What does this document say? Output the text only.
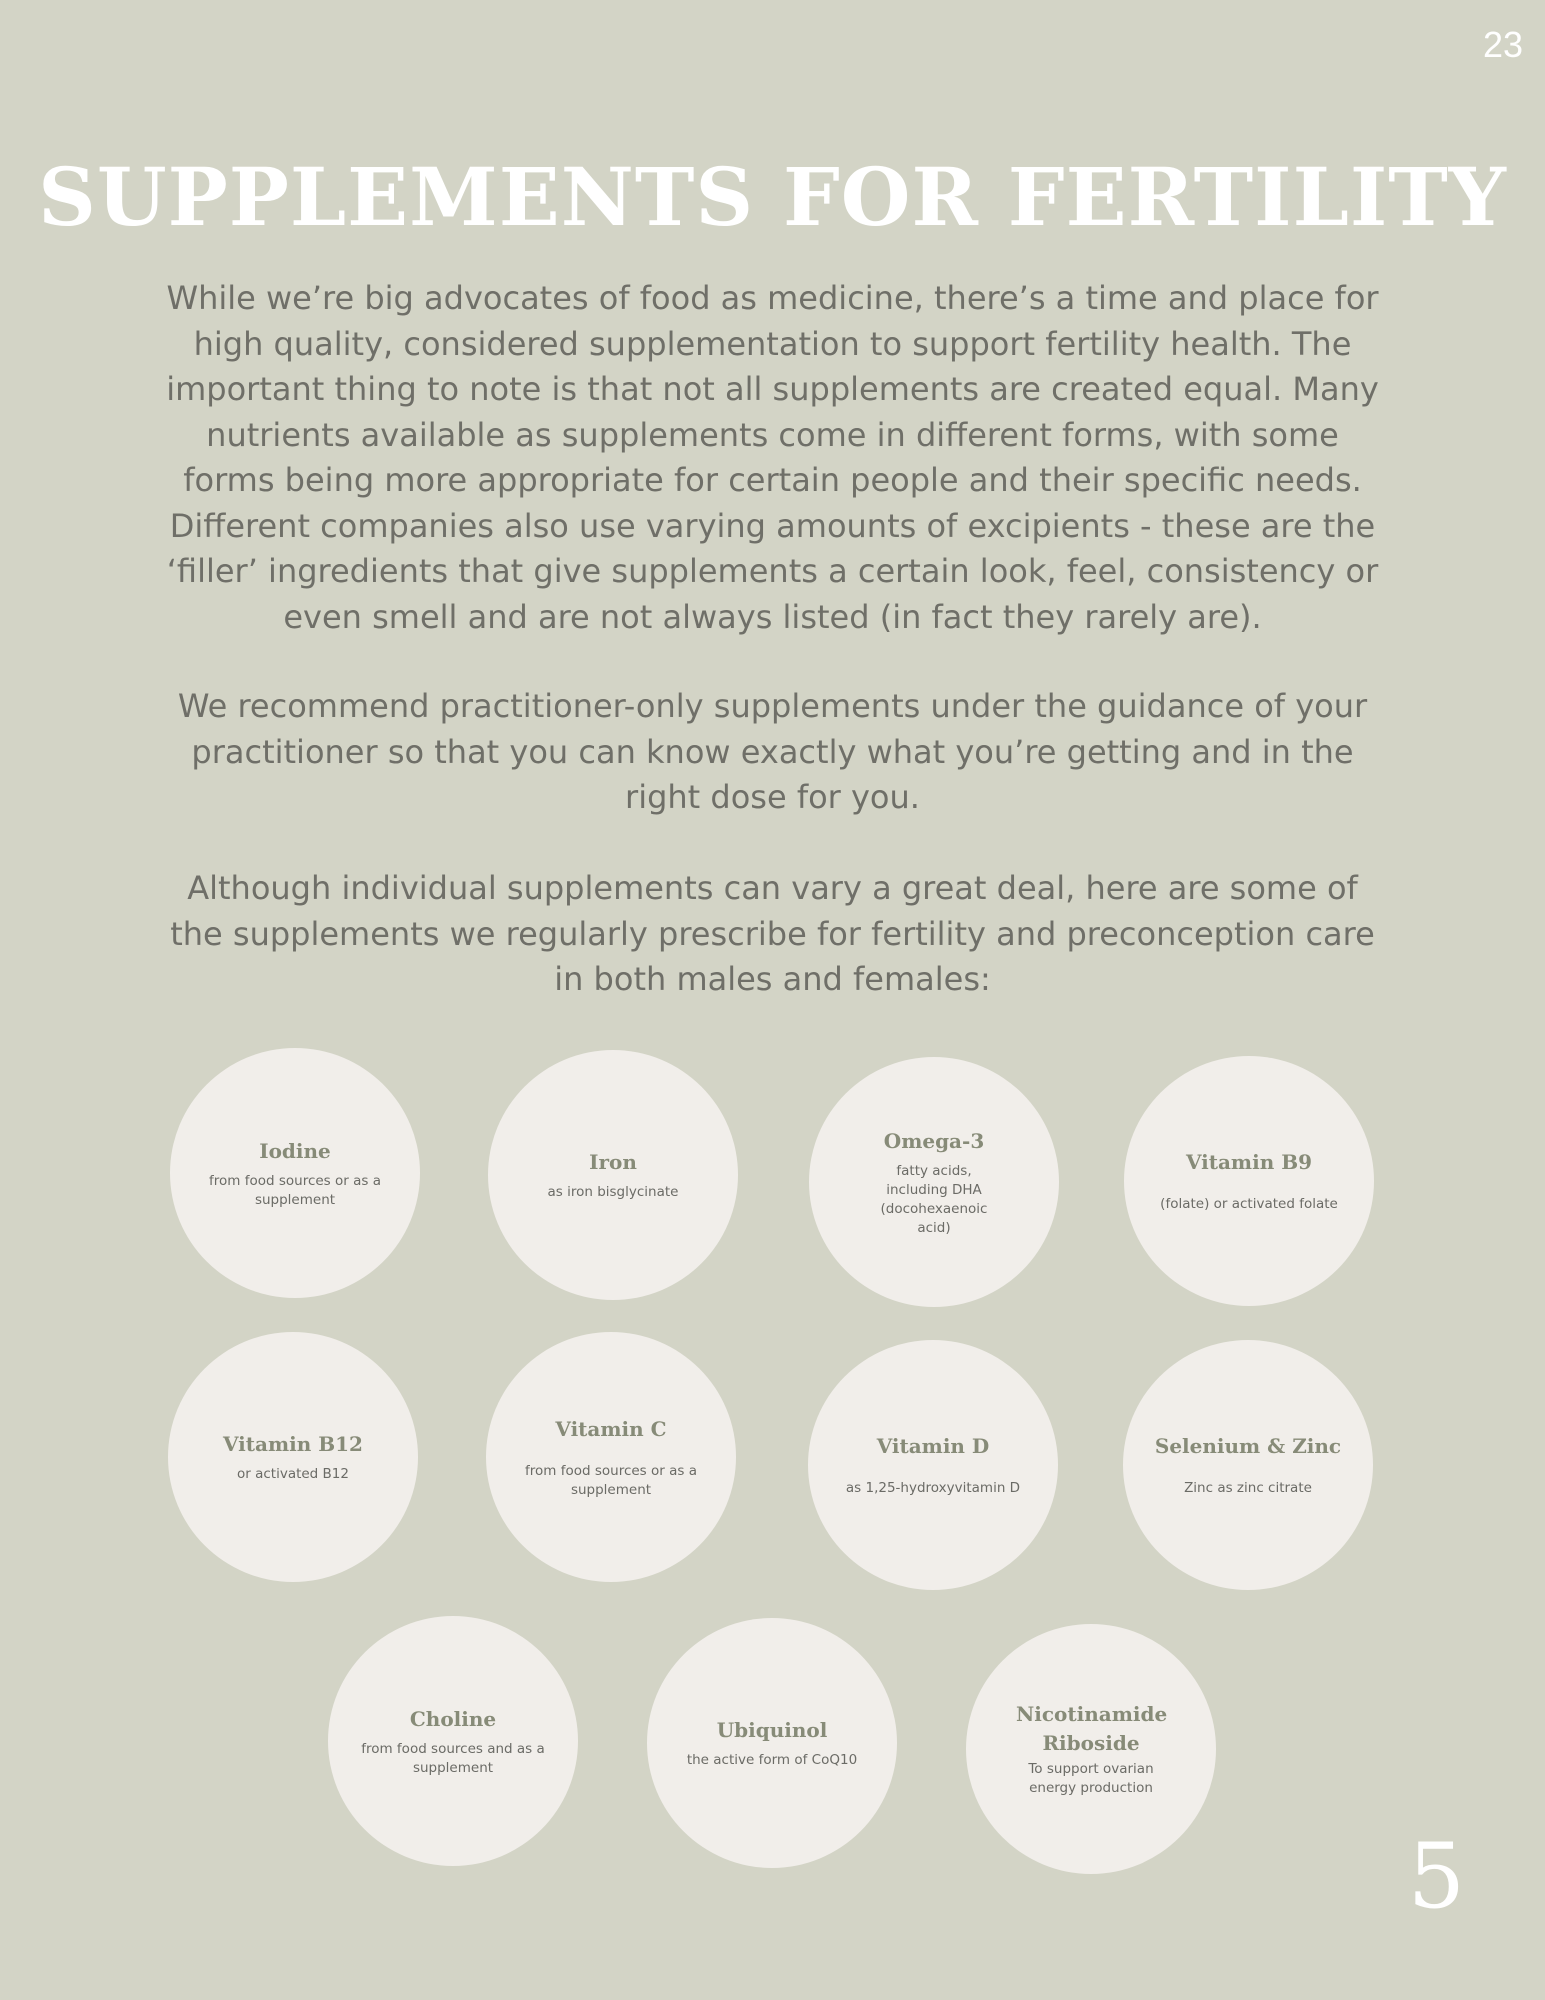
23
SUPPLEMENTS FOR FERTILITY

While we’re big advocates of food as medicine, there’s a time and place for high quality, considered supplementation to support fertility health. The important thing to note is that not all supplements are created equal. Many nutrients available as supplements come in different forms, with some forms being more appropriate for certain people and their specific needs. Different companies also use varying amounts of excipients - these are the ‘filler’ ingredients that give supplements a certain look, feel, consistency or even smell and are not always listed (in fact they rarely are).

We recommend practitioner-only supplements under the guidance of your practitioner so that you can know exactly what you’re getting and in the right dose for you.

Although individual supplements can vary a great deal, here are some of the supplements we regularly prescribe for fertility and preconception care in both males and females:

Iodine
from food sources or as a supplement
Iron
as iron bisglycinate
Omega-3
fatty acids, including DHA (docohexaenoic acid)
Vitamin B9
(folate) or activated folate
Vitamin B12
or activated B12
Vitamin C
from food sources or as a supplement
Vitamin D
as 1,25-hydroxyvitamin D
Selenium & Zinc
Zinc as zinc citrate
Choline
from food sources and as a supplement
Ubiquinol
the active form of CoQ10
Nicotinamide Riboside
To support ovarian energy production
5
